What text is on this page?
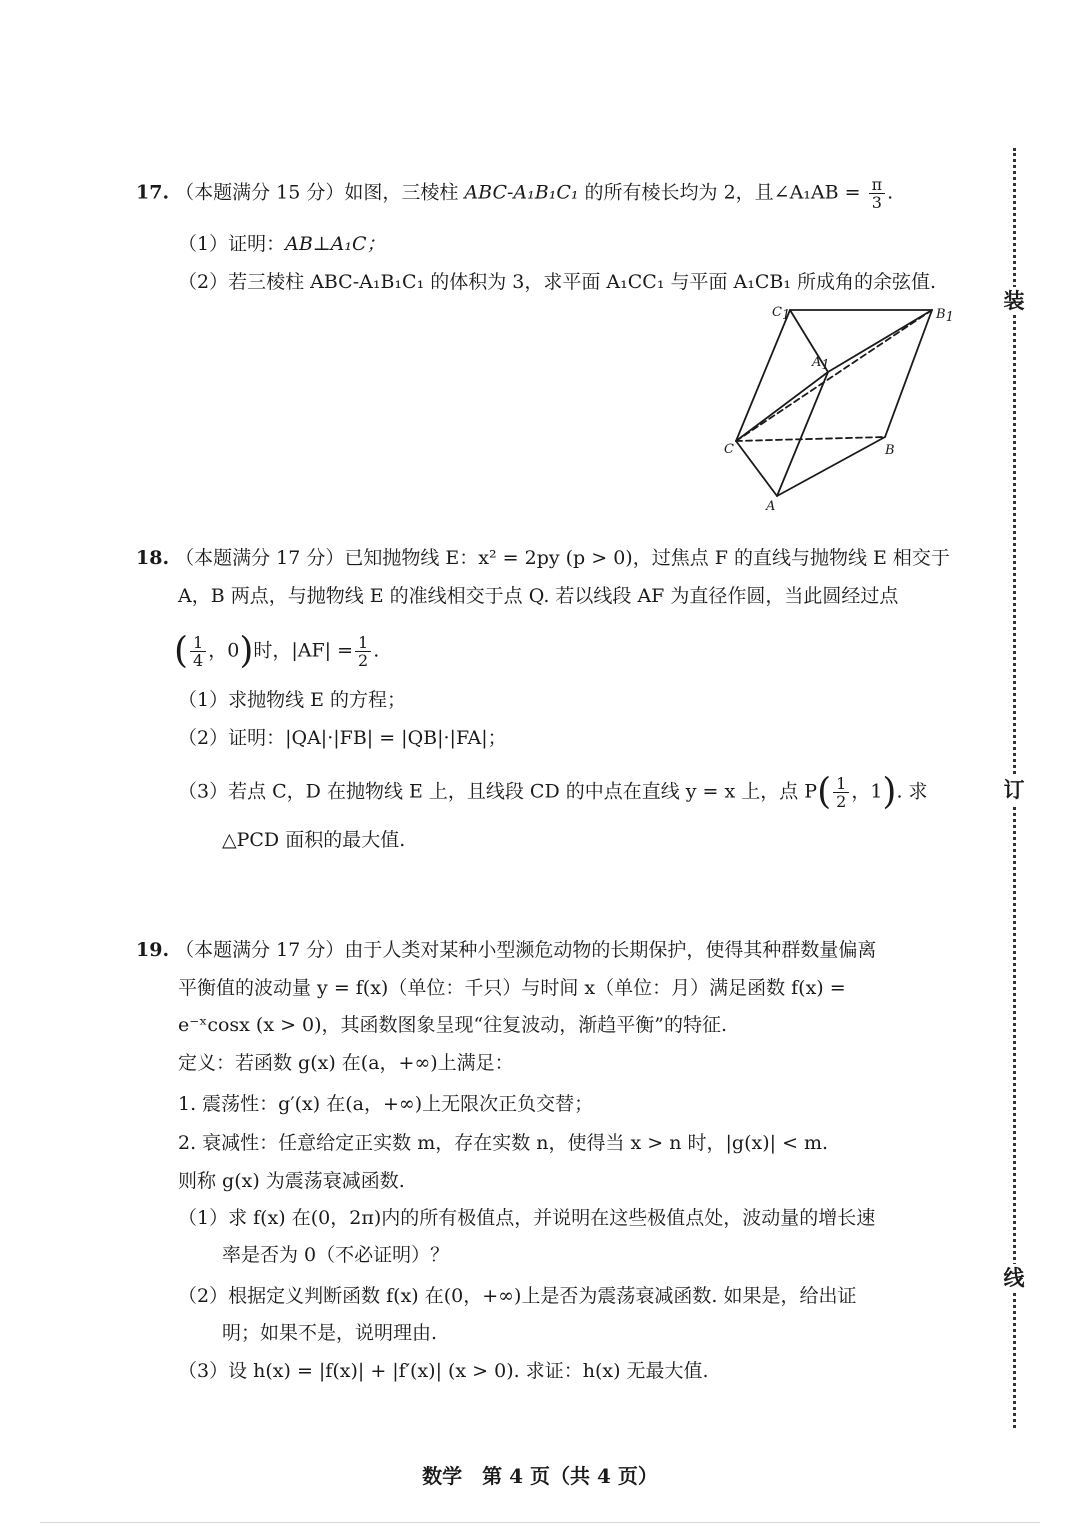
17. （本题满分 15 分）如图，三棱柱 ABC-A₁B₁C₁ 的所有棱长均为 2，且∠A₁AB = $\frac{\pi}{3}$ .
（1）证明：AB⊥A₁C；
（2）若三棱柱 ABC-A₁B₁C₁ 的体积为 3，求平面 A₁CC₁ 与平面 A₁CB₁ 所成角的余弦值.
C1	B1
A1
C	B
A
18. （本题满分 17 分）已知抛物线 E：x² = 2py (p > 0)，过焦点 F 的直线与抛物线 E 相交于
A，B 两点，与抛物线 E 的准线相交于点 Q. 若以线段 AF 为直径作圆，当此圆经过点
( $\frac{1}{4}$ ，0)时，$|AF| = \frac{1}{2}$ .
（1）求抛物线 E 的方程；
（2）证明：|QA|·|FB| = |QB|·|FA|；
（3）若点 C，D 在抛物线 E 上，且线段 CD 的中点在直线 y = x 上，点 $P( \frac{1}{2}$ ，1). 求
△PCD 面积的最大值.
19. （本题满分 17 分）由于人类对某种小型濒危动物的长期保护，使得其种群数量偏离
平衡值的波动量 y = f(x)（单位：千只）与时间 x（单位：月）满足函数 f(x) =
e⁻ˣcosx (x > 0)，其函数图象呈现“往复波动，渐趋平衡”的特征.
定义：若函数 g(x) 在(a，+∞)上满足：
1. 震荡性：g′(x) 在(a，+∞)上无限次正负交替；
2. 衰减性：任意给定正实数 m，存在实数 n，使得当 x > n 时，|g(x)| < m.
则称 g(x) 为震荡衰减函数.
（1）求 f(x) 在(0，2π)内的所有极值点，并说明在这些极值点处，波动量的增长速
率是否为 0（不必证明）？
（2）根据定义判断函数 f(x) 在(0，+∞)上是否为震荡衰减函数. 如果是，给出证
明；如果不是，说明理由.
（3）设 h(x) = |f(x)| + |f′(x)| (x > 0). 求证：h(x) 无最大值.
装
订
线
数学 第 4 页（共 4 页）
